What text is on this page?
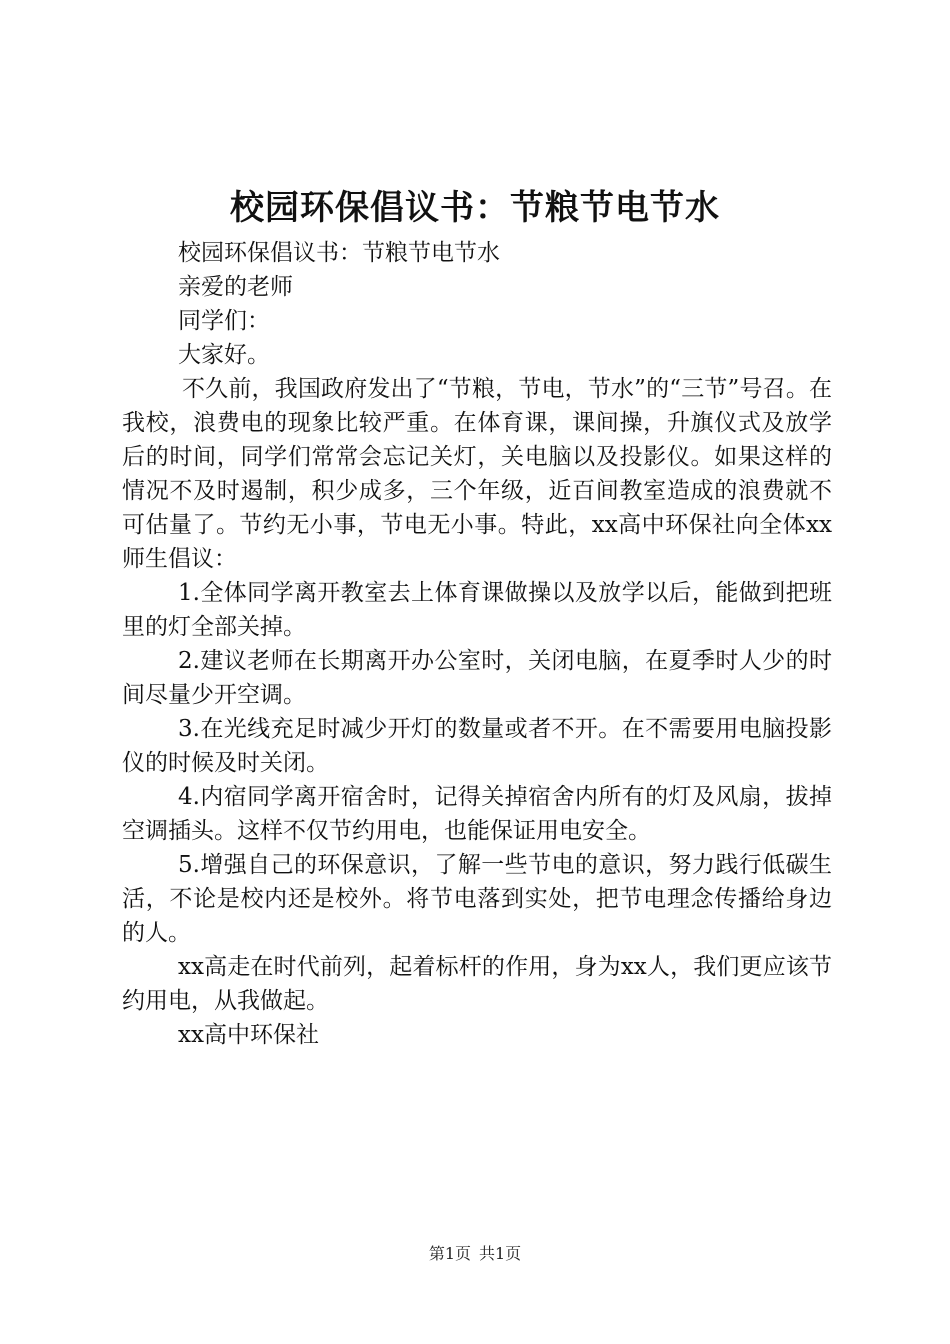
校园环保倡议书：节粮节电节水

校园环保倡议书：节粮节电节水

亲爱的老师

同学们：

大家好。

不久前，我国政府发出了“节粮，节电，节水”的“三节”号召。在我校，浪费电的现象比较严重。在体育课，课间操，升旗仪式及放学后的时间，同学们常常会忘记关灯，关电脑以及投影仪。如果这样的情况不及时遏制，积少成多，三个年级，近百间教室造成的浪费就不可估量了。节约无小事，节电无小事。特此，xx高中环保社向全体xx师生倡议：

1.全体同学离开教室去上体育课做操以及放学以后，能做到把班里的灯全部关掉。

2.建议老师在长期离开办公室时，关闭电脑，在夏季时人少的时间尽量少开空调。

3.在光线充足时减少开灯的数量或者不开。在不需要用电脑投影仪的时候及时关闭。

4.内宿同学离开宿舍时，记得关掉宿舍内所有的灯及风扇，拔掉空调插头。这样不仅节约用电，也能保证用电安全。

5.增强自己的环保意识，了解一些节电的意识，努力践行低碳生活，不论是校内还是校外。将节电落到实处，把节电理念传播给身边的人。

xx高走在时代前列，起着标杆的作用，身为xx人，我们更应该节约用电，从我做起。

xx高中环保社

第1页 共1页
